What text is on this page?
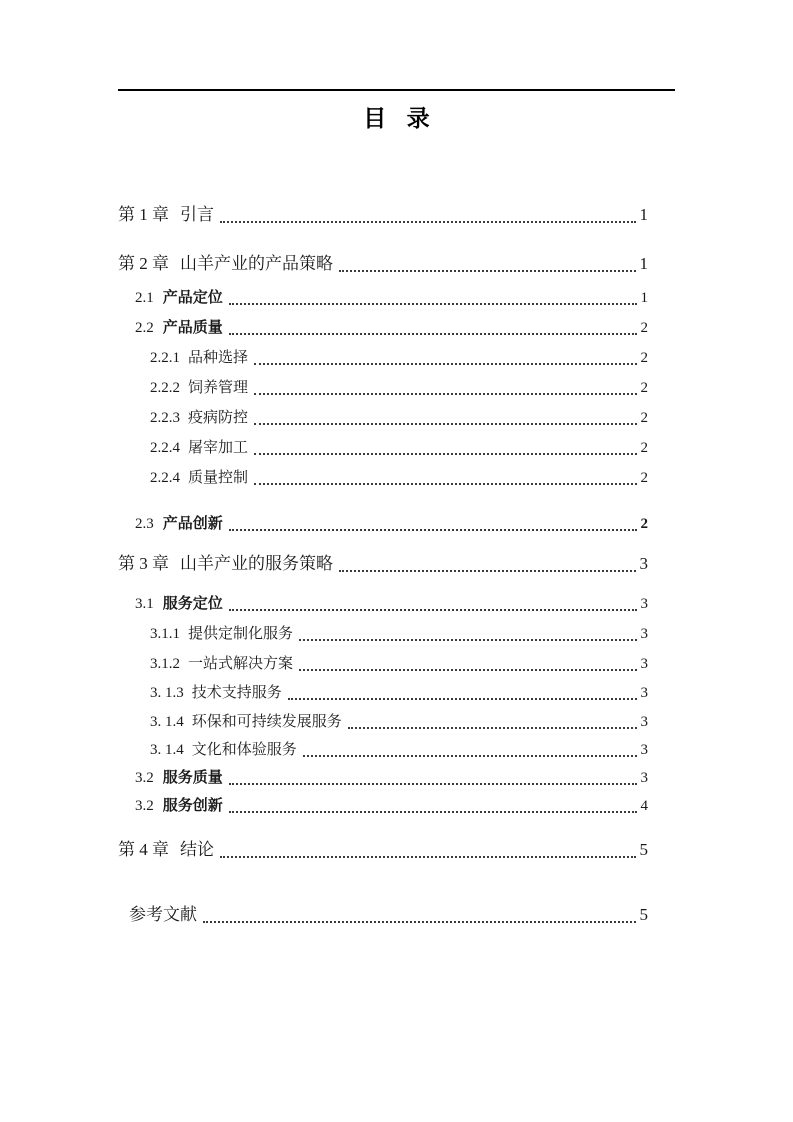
目 录
第 1 章 引言	1
第 2 章 山羊产业的产品策略	1
2.1 产品定位	1
2.2 产品质量	2
2.2.1 品种选择	2
2.2.2 饲养管理	2
2.2.3 疫病防控	2
2.2.4 屠宰加工	2
2.2.4 质量控制	2
2.3 产品创新	2
第 3 章 山羊产业的服务策略	3
3.1 服务定位	3
3.1.1 提供定制化服务	3
3.1.2 一站式解决方案	3
3. 1.3 技术支持服务	3
3. 1.4 环保和可持续发展服务	3
3. 1.4 文化和体验服务	3
3.2 服务质量	3
3.2 服务创新	4
第 4 章 结论	5
参考文献	5
